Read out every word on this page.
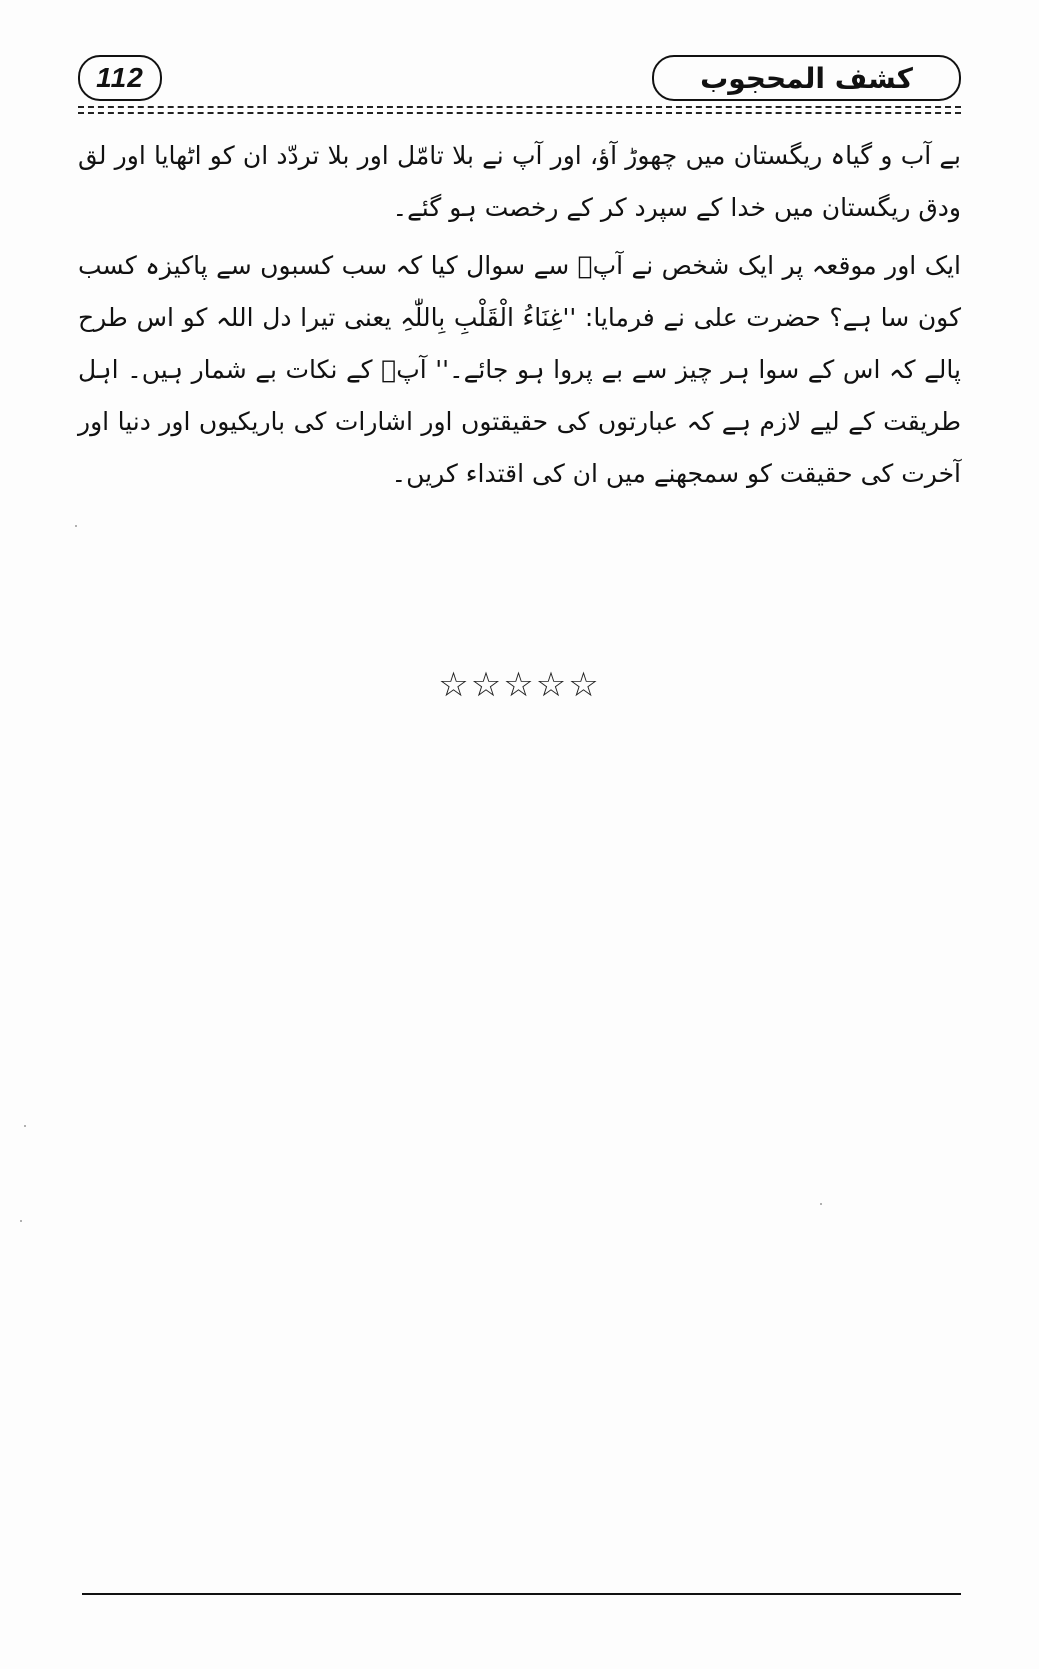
112	كشف المحجوب

بے آب و گیاہ ریگستان میں چھوڑ آؤ، اور آپ نے بلا تامّل اور بلا تردّد ان کو اٹھایا اور لق ودق ریگستان میں خدا کے سپرد کر کے رخصت ہو گئے۔

ایک اور موقعہ پر ایک شخص نے آپؓ سے سوال کیا کہ سب کسبوں سے پاکیزہ کسب کون سا ہے؟ حضرت علی نے فرمایا: ''غِنَاءُ الْقَلْبِ بِاللّٰہِ یعنی تیرا دل اللہ کو اس طرح پالے کہ اس کے سوا ہر چیز سے بے پروا ہو جائے۔'' آپؓ کے نکات بے شمار ہیں۔ اہل طریقت کے لیے لازم ہے کہ عبارتوں کی حقیقتوں اور اشارات کی باریکیوں اور دنیا اور آخرت کی حقیقت کو سمجھنے میں ان کی اقتداء کریں۔

☆☆☆☆☆
